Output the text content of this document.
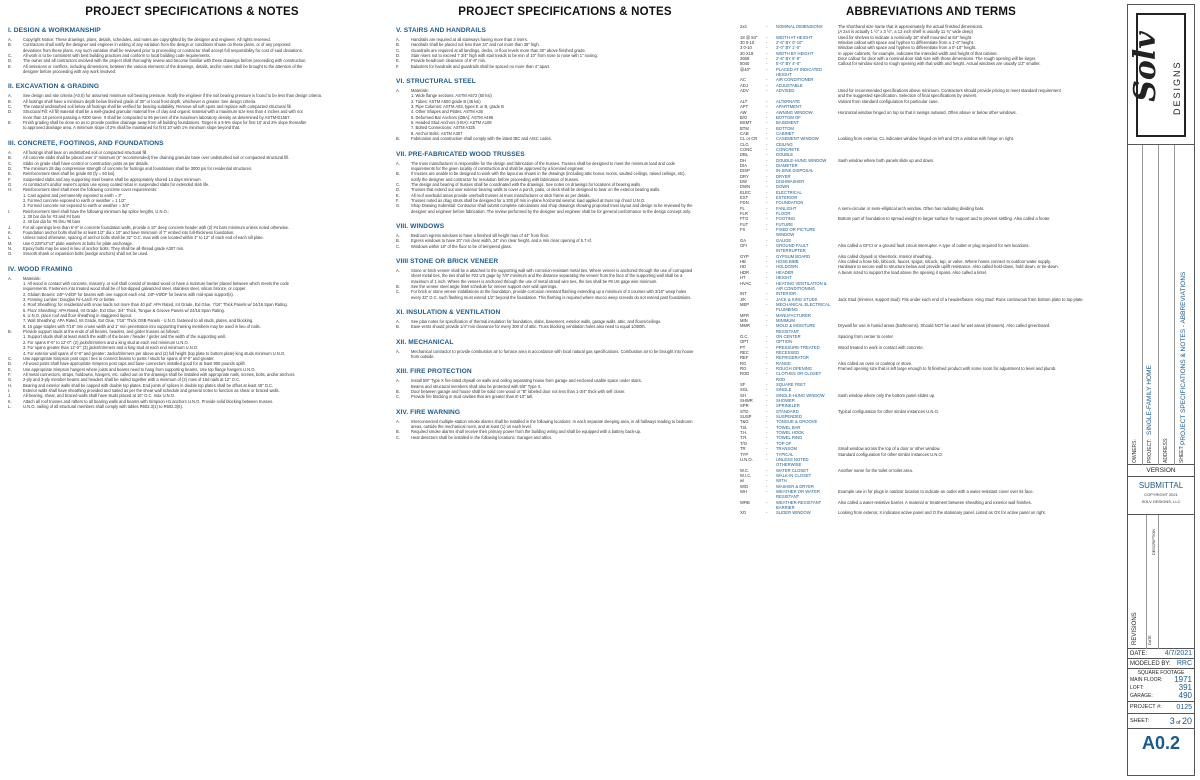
PROJECT SPECIFICATIONS & NOTES
I. DESIGN & WORKMANSHIP

A.	Copyright Notice: These drawings, plans, details, schedules, and notes are copyrighted by the designer and engineer. All rights reserved.

B.	Contractors shall notify the designer and engineer in writing of any variation from the design or conditions shown on these plans, or of any proposed

deviations from these plans. Any such variation shall be reviewed prior to proceeding or contractor shall accept full responsibility for cost of said deviations.

C.	All work is to be consistent with best building practices and conform to local building code requirements.

D.	The owner and all contractors involved with the project shall thoroughly review and become familiar with these drawings before proceeding with construction.

E.	All omissions or conflicts, including dimensions, between the various elements of the drawings, details, and/or notes shall be brought to the attention of the

designer before proceeding with any work involved.

II. EXCAVATION & GRADING

A.	See design and site criteria (A0.0) for assumed minimum soil bearing pressure. Notify the engineer if the soil bearing pressure is found to be less than design criteria.

B.	All footings shall have a minimum depth below finished grade of 30" or local frost depth, whichever is greater. See design criteria.

C.	The natural undisturbed soil below all footings shall be verified for bearing suitability. Remove all soft spots and replace with compacted structural fill.

D.	Structural Fill: All fill material shall be a well-graded granular material free of clay and organic material with a maximum size less than 4 inches and with not

more than 10 percent passing a #200 sieve. It shall be compacted to 95 percent of the maximum laboratory density as determined by ASTM-D1557.

E.	Finish grading shall be done so as to provide positive drainage away from all building foundations. Target is a 5-5% slope for first 10' and 2% slope thereafter

to approved drainage area. A minimum slope of 2% shall be maintained for first 10' with 1% minimum slope beyond that.

III. CONCRETE, FOOTINGS, AND FOUNDATIONS

A.	All footings shall bear on undisturbed soil or compacted structural fill.

B.	All concrete slabs shall be placed over 4" minimum (6" recommended) free draining granular base over undisturbed soil or compacted structural fill.

C.	Slabs on grade shall have control or construction joints as per details.

D.	The minimum 28 day compressive strength of concrete for footings and foundations shall be 3000 psi for residential structures.

E.	Reinforcement steel shall be grade 60 (fy = 60 ksi).

F.	Suspended slabs and any supporting steel beams shall be appropriately shored 14 days minimum.

G.	At contractor's and/or owner's option use epoxy coated rebar in suspended slabs for extended slab life.

H.	Reinforcement steel shall meet the following concrete cover requirements:

1. Cast against and permanently exposed to earth = 3"

2. Formed concrete exposed to earth or weather = 1 1/2"

3. Formed concrete not exposed to earth or weather = 3/4"

I.	Reinforcement steel shall have the following minimum lap splice lengths, U.N.O.:

1. 30 bar dia for #3 and #4 bars

2. 40 bar dia for #5 thru #8 bars

J.	For all openings less than 6'-6" in concrete foundation walls, provide a 10" deep concrete header with (2) #4 bars minimum unless noted otherwise.

K.	Foundation anchor bolts shall be at least 1/2" dia x 10" and have minimum of 7" embed into full-thickness foundation.

L.	Unless noted otherwise, spacing of anchor bolts shall be 32" O.C. max with one located within 4" to 12" of each end of each sill plate.

M.	Use 0.229"x3"x3" plate washers at bolts for plate anchorage.

N.	Epoxy bolts may be used in lieu of anchor bolts. They shall be all-thread grade A307 min.

O.	Smooth shank or expansion bolts (wedge anchors) shall not be used.

IV. WOOD FRAMING

A.	Materials:

1. All wood in contact with concrete, masonry, or soil shall consist of treated wood or have a moisture barrier placed between which meets the code

requirements. Fasteners into treated wood shall be of hot-dipped galvanized steel, stainless steel, silicon bronze, or copper.

2. Glulam Beams: 24F-V4/DF for beams with one support each end, 24F-V8/DF for beams with mid-span support(s).

3. Framing Lumber: Douglas Fir-Larch #2 or better.

4. Roof Sheathing: for residential with snow loads not more than 40 psf: APA Rated, Int Grade, Exl Glue, 7/16" Thick Panels w/ 24/16 Span Rating.

5. Floor Sheathing: APA Rated, Int Grade, Ext Glue, 3/4" Thick, Tongue & Groove Panels w/ 24/16 Span Rating.

6. U.N.O. place roof and floor sheathing in staggered layout.

7. Wall Sheathing: APA Rated, Int Grade, Ext Glue, 7/16" Thick OSB Panels - U.N.O. fastened to all studs, plates, and blocking.

8. 16 gage staples with 7/16" min crown width and 1" min penetration into supporting framing members may be used in lieu of nails.

B.	Provide support studs at the ends of all beams, headers, and girder trusses as follows:

1. Support studs shall at least match the width of the beam / header / girder and the width of the supporting wall.

2. For spans 0'-6" to 12'-0": (2) jacks/trimmers and a king stud at each end minimum U.N.O.

3. For spans greater than 12'-0": (3) jacks/trimmers and a king stud at each end minimum U.N.O.

4. For exterior wall spans of 6'-0" and greater: Jacks/trimmers per above and (2) full height (top plate to bottom plate) king studs minimum U.N.O.

C.	Use appropriate Simpson post caps / ties to connect beams to posts / studs for spans of 8'-0" and greater.

D.	All wood posts shall have appropriate Simpson post caps and base connectors installed good for at least 900 pounds uplift.

E.	Use appropriate Simpson hangers where joists and beams need to hang from supporting beams. Use top flange hangers U.N.O.

F.	All metal connectors, straps, holdowns, hangers, etc. called out on the drawings shall be installed with appropriate nails, screws, bolts, and/or anchors.

G.	2-ply and 3-ply member beams and headers shall be nailed together with a minimum of (2) rows of 16d nails at 12" O.C.

H.	Bearing and exterior walls shall be capped with double top plates. End joints of splices in double top plates shall be offset at least 48" O.C.

I.	Exterior walls shall have sheathing provided and nailed as per the shear wall schedule and general notes to function as shear or braced walls.

J.	All bearing, shear, and braced walls shall have studs placed at 16" O.C. max U.N.O.

K.	Attach all roof trusses and rafters to all bearing walls and beams with Simpson H1 anchors U.N.O. Provide solid blocking between trusses.

L.	U.N.O. nailing of all structural members shall comply with tables R602.3(1) to R602.3(5).

PROJECT SPECIFICATIONS & NOTES
V. STAIRS AND HANDRAILS

A.	Handrails are required at all stairways having more than 3 risers.

B.	Handrails shall be placed not less than 34" and not more than 38" high.

C.	Guardrails are required at all landings, decks, or floor levels more than 30" above finished grade.

D.	Stair risers not to exceed 7 3/4" high with stair treads to be min of 10" from nose to nose with 1" nosing.

E.	Provide headroom clearance of 6'-8" min.

F.	Balusters for handrails and guardrails shall be spaced no more than 4" apart.

VI. STRUCTURAL STEEL

A.	Materials:

1. Wide flange sections: ASTM A572 (50 ksi)

2. Tubes: ASTM A500 grade B (46 ksi)

3. Pipe Columns: ASTM A53, types E or B, grade B

4. Other Shapes and Plates: ASTM A36

5. Deformed Bar Anchors (DBA): ASTM A496

6. Headed Stud Anchors (HSA): ASTM A108

7. Bolted Connections: ASTM A325

8. Anchor Bolts: ASTM A307

B.	Fabrication and construction shall comply with the latest IBC and AISC codes.

VII. PRE-FABRICATED WOOD TRUSSES

A.	The truss manufacturer is responsible for the design and fabrication of the trusses. Trusses shall be designed to meet the minimum load and code

requirements for the given locality of construction and shall be approved by a licensed engineer.

B.	If trusses are unable to be designed to work with the layout as shown in the drawings (including attic bonus rooms, vaulted ceilings, raised ceilings, etc),

notify the designer and contractor for resolution before proceeding with fabrication of trusses.

C.	The design and bearing of trusses shall be coordinated with the drawings. See notes on drawings for locations of bearing walls.

D.	Trusses that extend out over exterior bearing walls to cover a porch, patio, or deck shall be designed to bear on the exterior bearing walls.

E.	All roof overbuild areas provide overbuilt trusses at truss manufacturer or stick frame as per details.

F.	Trusses noted as drag struts shall be designed for a 200 plf min in-plane horizontal seismic load applied at truss top chord U.N.O.

G.	Shop Drawing Submittal: Contractor shall submit complete calculations and shop drawings showing proposed truss layout and design to be reviewed by the

designer and engineer before fabrication. The review performed by the designer and engineer shall be for general conformance to the design concept only.

VIII. WINDOWS

A.	Bedroom egress windows to have a finished sill height max of 44" from floor.

B.	Egress windows to have 20" min clear width, 24" min clear height, and a min clear opening of 5.7 sf.

C.	Windows within 18" of the floor to be of tempered glass.

VIIII STONE OR BRICK VENEER

A.	Stone or brick veneer shall be a attached to the supporting wall with corrosion-resistant metal ties. Where veneer is anchored through the use of corrugated

sheet metal ties, the ties shall be #22 US gage by 7/8" minimum and the distance separating the veneer from the face of the supporting wall shall be a

maximum of 1 inch. Where the veneer is anchored through the use of metal strand wire ties, the ties shall be #9 US gage wire minimum.

B.	See the veneer steel angle lintel schedule for veneer support over wall openings.

C.	For brick or stone veneer installations at the foundation, provide corrosion resistant flashing extending up a minimum of 3 courses with 3/16" weep holes

every 33" O.C. such flashing must extend 1/2" beyond the foundation. This flashing is required where stucco weep screeds do not extend past foundations.

XI. INSULATION & VENTILATION

A.	See plan notes for specification of thermal insulation for foundation, slabs, basement, exterior walls, garage walls, attic, and floors/ceilings.

B.	Eave vents should provide 1/4" min clearance for every 300 sf of attic. Truss blocking ventilation holes also need to equal 1/300th.

XII. MECHANICAL

A.	Mechanical contractor to provide combustion air to furnace area in accordance with local natural gas specifications. Combustion air to be brought into house

from outside.

XIII. FIRE PROTECTION

A.	Install 5/8" Type X fire-rated drywall on walls and ceiling separating house from garage and enclosed usable space under stairs.

Beams and structural members shall also be protected with 5/8" Type X.

B.	Door between garage and house shall be solid core wood or "B" labeled door not less than 1-3/4" thick with self closer.

C.	Provide fire blocking in stud cavities that are greater than 8'-10" tall.

XIV. FIRE WARNING

A.	Interconnected multiple-station smoke alarms shall be installed in the following locations: In each separate sleeping area, in all hallways leading to bedroom

areas, outside the mechanical room, and at least (1) on each level.

B.	Required smoke alarms shall receive their primary power from the building wiring and shall be equipped with a battery back-up.

C.	Heat detectors shall be installed in the following locations: Garages and attics.

ABBREVIATIONS AND TERMS
2x4	-	NOMINAL DIMENSIONS	The shorthand size name that is approximately the actual finished dimensions.
(A 2x4 is actually 1 ½" x 3 ½", a 12 inch shelf is usually 11 ¾" wide deep)
18 @ 84"	-	WIDTH AT HEIGHT	Used for shelves to indicate a nominally 18" shelf mounted at 84" height.
30 0-10	-	2'-6" BY 0'-10"	Window callout with space and hyphen to differentiate from a 1'-0" height.
3 0-10	-	3'-0" BY 1'-0"	Window callout with space and hyphen to differentiate from a 0'-10" height.
30 X18	-	WIDTH BY HEIGHT	In upper cabinets, for example, indicates the intended width and height of that cabinet.
2668	-	2'-6" BY 6'-8"	Door callout for door with a nominal door slab size with those dimensions. The rough opening will be larger.
5040	-	5'-0" BY 4'-0"	Callout for window sized to rough opening with that width and height. Actual windows are usually 1/2" smaller.
@40"	-	PLACED AT INDICATED
HEIGHT
AC	-	AIR CONDITIONER
ADJ	-	ADJUSTABLE
ADV	-	ADVISED	Used for recommended specifications above minimum. Contractors should provide pricing to meet standard requirement
and the suggested specification. Selection of final specifications by owners.
ALT	-	ALTERNATE	Variant from standard configuration for particular case.
APT	-	APARTMENT
AW	-	AWNING WINDOW	Horizontal window hinged on top so that it swings outward. Often above or below other windows.
B/O	-	BOTTOM OF
BSMT	-	BASEMENT
BTM	-	BOTTOM
CAB	-	CABINET
CL or CR	-	CASEMENT WINDOW	Looking from exterior, CL indicates window hinged on left and CR a window with hinge on right.
CLG	-	CEILING
CONC	-	CONCRETE
DBL	-	DOUBLE
DH	-	DOUBLE-HUNG WINDOW	Sash window where both panels slide up and down.
DIA	-	DIAMETER
DISP	-	IN-SINK DISPOSAL
DRY	-	DRYER
DW	-	DISHWASHER
DWN	-	DOWN
ELEC	-	ELECTRICAL
EXT	-	EXTERIOR
FDN	-	FOUNDATION
FL	-	FANLIGHT	A semi-circular or semi-elliptical arch window. Often has radiating dividing bars.
FLR	-	FLOOR
FTG	-	FOOTING	Bottom part of foundation to spread weight to larger surface for support and to prevent settling. Also called a footer.
FUT	-	FUTURE
FX	-	FIXED OR PICTURE
WINDOW
GA	-	GAUGE
GFI	-	GROUND FAULT	Also called a GFCI or a ground fault circuit interrupter. A type of outlet or plug required for wet locations.
INTERRUPTER
GYP	-	GYPSUM BOARD	Also called drywall or sheetrock. Interior sheathing.
HB	-	HOSE BIBB	Also called a hose bib, bibcock, faucet, spigot, silcock, tap, or valve. Where hoses connect to outdoor water supply.
HD	-	HOLDOWN	Hardware to secure wall to structure below and provide uplift resistance. Also called hold-down, hold down, or tie-down.
HDR	-	HEADER	A beam sized to support the load above the opening it spans. Also called a lintel.
HT	-	HEIGHT
HVAC	-	HEATING VENTILATION &
AIR CONDITIONING
INT	-	INTERIOR
J/K	-	JACK & KING STUDS	Jack Stud (trimmer, support stud): Fits under each end of a header/beam. King Stud: Runs continuous from bottom plate to top plate.
MEP	-	MECHANICAL ELECTRICAL
PLUMBING
MFR	-	MANUFACTURER
MIN	-	MINIMUM
MMR	-	MOLD & MOISTURE	Drywall for use in humid areas (bathrooms). Should NOT be used for wet areas (showers). Also called greenboard.
RESISTANT
O.C.	-	ON CENTER	Spacing from center to center.
OPT	-	OPTION
PT	-	PRESSURE-TREATED	Wood treated to work in contact with concrete.
REC	-	RECESSED
REF	-	REFRIGERATOR
RG	-	RANGE	Also called an oven or cooktop or stove.
RO	-	ROUGH OPENING	Framed opening size that is left large enough to fit finished product with some room for adjustment to level and plumb.
ROD	-	CLOTHES OR CLOSET
ROD
SF	-	SQUARE FEET
SGL	-	SINGLE
SH	-	SINGLE-HUNG WINDOW	Sash window where only the bottom panel slides up.
SHWR	-	SHOWER
SPR	-	SPRINKLER
STD	-	STANDARD	Typical configuration for other similar instances U.N.O.
SUSP	-	SUSPENDED
T&G	-	TONGUE & GROOVE
T.B.	-	TOWEL BAR
T.H.	-	TOWEL HOOK
T.R.	-	TOWEL RING
T/O	-	TOP OF
TR	-	TRANSOM	Small window across the top of a door or other window.
TYP	-	TYPICAL	Standard configuration for other similar instances U.N.O.
U.N.O.	-	UNLESS NOTED
OTHERWISE
W.C.	-	WATER CLOSET	Another name for the toilet or toilet area.
W.I.C.	-	WALK-IN CLOSET
w/	-	WITH
W/D	-	WASHER & DRYER
WH	-	WEATHER OR WATER	Example use in for plugs in outdoor location to indicate an outlet with a water-resistant cover over its face.
RESISTANT
WRB	-	WEATHER-RESISTANT	Also called a water-resistive barrier. A material or treatment between sheathing and exterior wall finishes.
BARRIER
XO	-	SLIDER WINDOW	Looking from exterior, X indicates active panel and O the stationary panel. Listed as OX for active panel on right.
Solv DESIGNS
OWNERS: PROJECT:
SINGLE-FAMILY HOME
ADDRESS: SHEET:
PROJECT SPECIFICATIONS & NOTES - ABBREVIATIONS
VERSION
SUBMITTAL
COPYRIGHT 2021
SOLV DESIGNS, LLC
REVISIONS	DATE
DESCRIPTION
DATE:	4/7/2021
MODELED BY: RRC
SQUARE FOOTAGE
MAIN FLOOR: 1971
LOFT:	391
GARAGE:	490
PROJECT #: 0125
SHEET: 3 of 20
A0.2
